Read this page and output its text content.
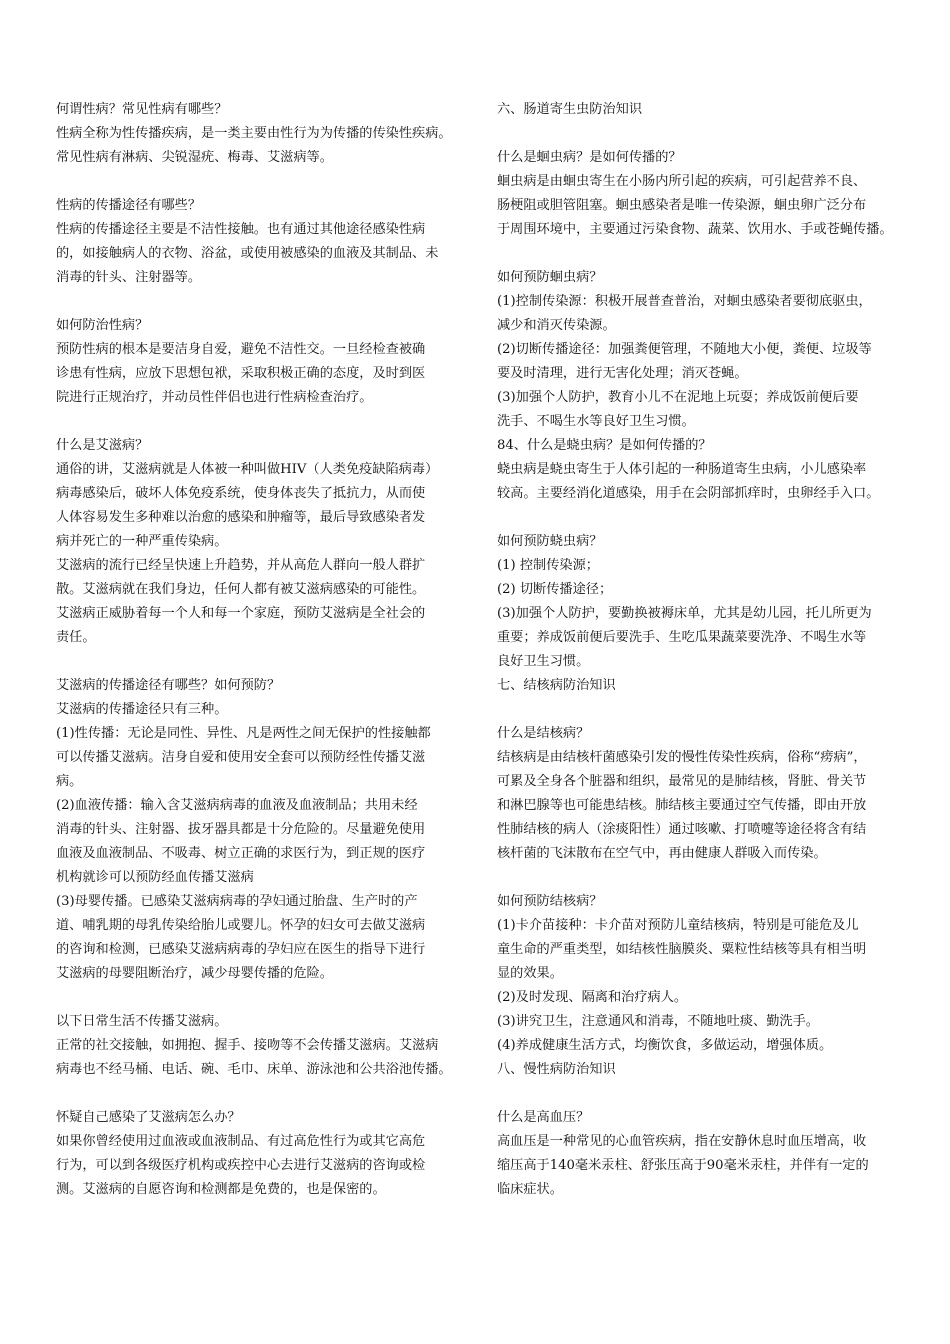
何谓性病？常见性病有哪些？
性病全称为性传播疾病，是一类主要由性行为为传播的传染性疾病。
常见性病有淋病、尖锐湿疣、梅毒、艾滋病等。
性病的传播途径有哪些？
性病的传播途径主要是不洁性接触。也有通过其他途径感染性病
的，如接触病人的衣物、浴盆，或使用被感染的血液及其制品、未
消毒的针头、注射器等。
如何防治性病？
预防性病的根本是要洁身自爱，避免不洁性交。一旦经检查被确
诊患有性病，应放下思想包袱，采取积极正确的态度，及时到医
院进行正规治疗，并动员性伴侣也进行性病检查治疗。
什么是艾滋病？
通俗的讲，艾滋病就是人体被一种叫做HIV（人类免疫缺陷病毒）
病毒感染后，破坏人体免疫系统，使身体丧失了抵抗力，从而使
人体容易发生多种难以治愈的感染和肿瘤等，最后导致感染者发
病并死亡的一种严重传染病。
艾滋病的流行已经呈快速上升趋势，并从高危人群向一般人群扩
散。艾滋病就在我们身边，任何人都有被艾滋病感染的可能性。
艾滋病正威胁着每一个人和每一个家庭，预防艾滋病是全社会的
责任。
艾滋病的传播途径有哪些？如何预防？
艾滋病的传播途径只有三种。
(1)性传播：无论是同性、异性、凡是两性之间无保护的性接触都
可以传播艾滋病。洁身自爱和使用安全套可以预防经性传播艾滋
病。
(2)血液传播：输入含艾滋病病毒的血液及血液制品；共用未经
消毒的针头、注射器、拔牙器具都是十分危险的。尽量避免使用
血液及血液制品、不吸毒、树立正确的求医行为，到正规的医疗
机构就诊可以预防经血传播艾滋病
(3)母婴传播。已感染艾滋病病毒的孕妇通过胎盘、生产时的产
道、哺乳期的母乳传染给胎儿或婴儿。怀孕的妇女可去做艾滋病
的咨询和检测，已感染艾滋病病毒的孕妇应在医生的指导下进行
艾滋病的母婴阻断治疗，减少母婴传播的危险。
以下日常生活不传播艾滋病。
正常的社交接触，如拥抱、握手、接吻等不会传播艾滋病。艾滋病
病毒也不经马桶、电话、碗、毛巾、床单、游泳池和公共浴池传播。
怀疑自己感染了艾滋病怎么办？
如果你曾经使用过血液或血液制品、有过高危性行为或其它高危
行为，可以到各级医疗机构或疾控中心去进行艾滋病的咨询或检
测。艾滋病的自愿咨询和检测都是免费的，也是保密的。
六、肠道寄生虫防治知识
什么是蛔虫病？是如何传播的？
蛔虫病是由蛔虫寄生在小肠内所引起的疾病，可引起营养不良、
肠梗阻或胆管阻塞。蛔虫感染者是唯一传染源，蛔虫卵广泛分布
于周围环境中，主要通过污染食物、蔬菜、饮用水、手或苍蝇传播。
如何预防蛔虫病？
(1)控制传染源：积极开展普查普治，对蛔虫感染者要彻底驱虫，
减少和消灭传染源。
(2)切断传播途径：加强粪便管理，不随地大小便，粪便、垃圾等
要及时清理，进行无害化处理；消灭苍蝇。
(3)加强个人防护，教育小儿不在泥地上玩耍；养成饭前便后要
洗手、不喝生水等良好卫生习惯。
84、什么是蛲虫病？是如何传播的？
蛲虫病是蛲虫寄生于人体引起的一种肠道寄生虫病，小儿感染率
较高。主要经消化道感染，用手在会阴部抓痒时，虫卵经手入口。
如何预防蛲虫病？
(1) 控制传染源；
(2) 切断传播途径；
(3)加强个人防护，要勤换被褥床单，尤其是幼儿园，托儿所更为
重要；养成饭前便后要洗手、生吃瓜果蔬菜要洗净、不喝生水等
良好卫生习惯。
七、结核病防治知识
什么是结核病？
结核病是由结核杆菌感染引发的慢性传染性疾病，俗称“痨病”，
可累及全身各个脏器和组织，最常见的是肺结核，肾脏、骨关节
和淋巴腺等也可能患结核。肺结核主要通过空气传播，即由开放
性肺结核的病人（涂痰阳性）通过咳嗽、打喷嚏等途径将含有结
核杆菌的飞沫散布在空气中，再由健康人群吸入而传染。
如何预防结核病？
(1)卡介苗接种：卡介苗对预防儿童结核病，特别是可能危及儿
童生命的严重类型，如结核性脑膜炎、粟粒性结核等具有相当明
显的效果。
(2)及时发现、隔离和治疗病人。
(3)讲究卫生，注意通风和消毒，不随地吐痰、勤洗手。
(4)养成健康生活方式，均衡饮食，多做运动，增强体质。
八、慢性病防治知识
什么是高血压？
高血压是一种常见的心血管疾病，指在安静休息时血压增高，收
缩压高于140毫米汞柱、舒张压高于90毫米汞柱，并伴有一定的
临床症状。
